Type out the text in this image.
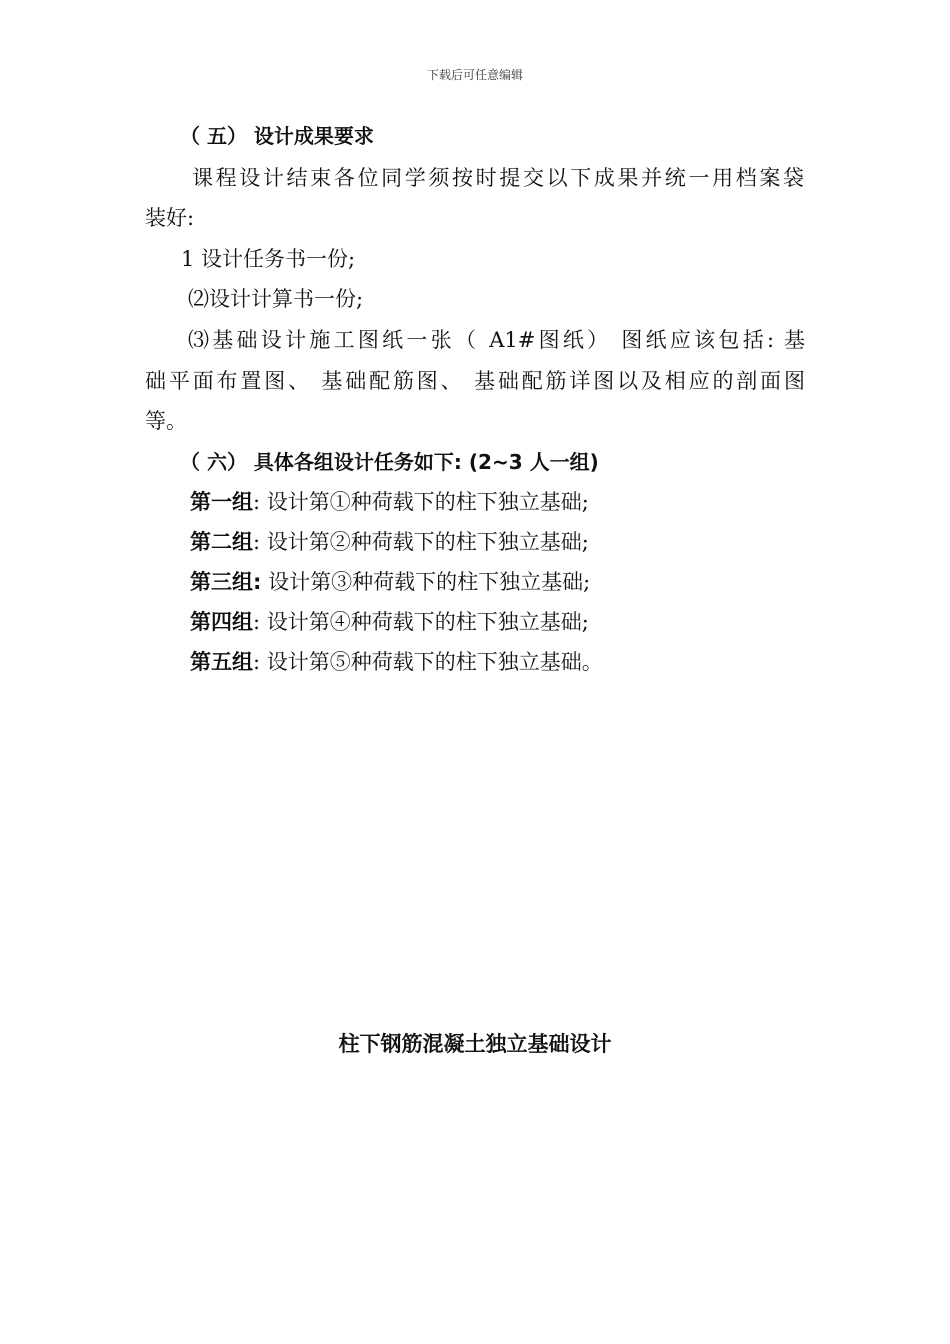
下载后可任意编辑
（ 五） 设计成果要求
课程设计结束各位同学须按时提交以下成果并统一用档案袋
装好:
1 设计任务书一份;
⑵设计计算书一份;
⑶基础设计施工图纸一张（ A1#图纸） 图纸应该包括: 基
础平面布置图、 基础配筋图、 基础配筋详图以及相应的剖面图
等。
（ 六） 具体各组设计任务如下: (2~3 人一组)
第一组: 设计第①种荷载下的柱下独立基础;
第二组: 设计第②种荷载下的柱下独立基础;
第三组: 设计第③种荷载下的柱下独立基础;
第四组: 设计第④种荷载下的柱下独立基础;
第五组: 设计第⑤种荷载下的柱下独立基础。
柱下钢筋混凝土独立基础设计
